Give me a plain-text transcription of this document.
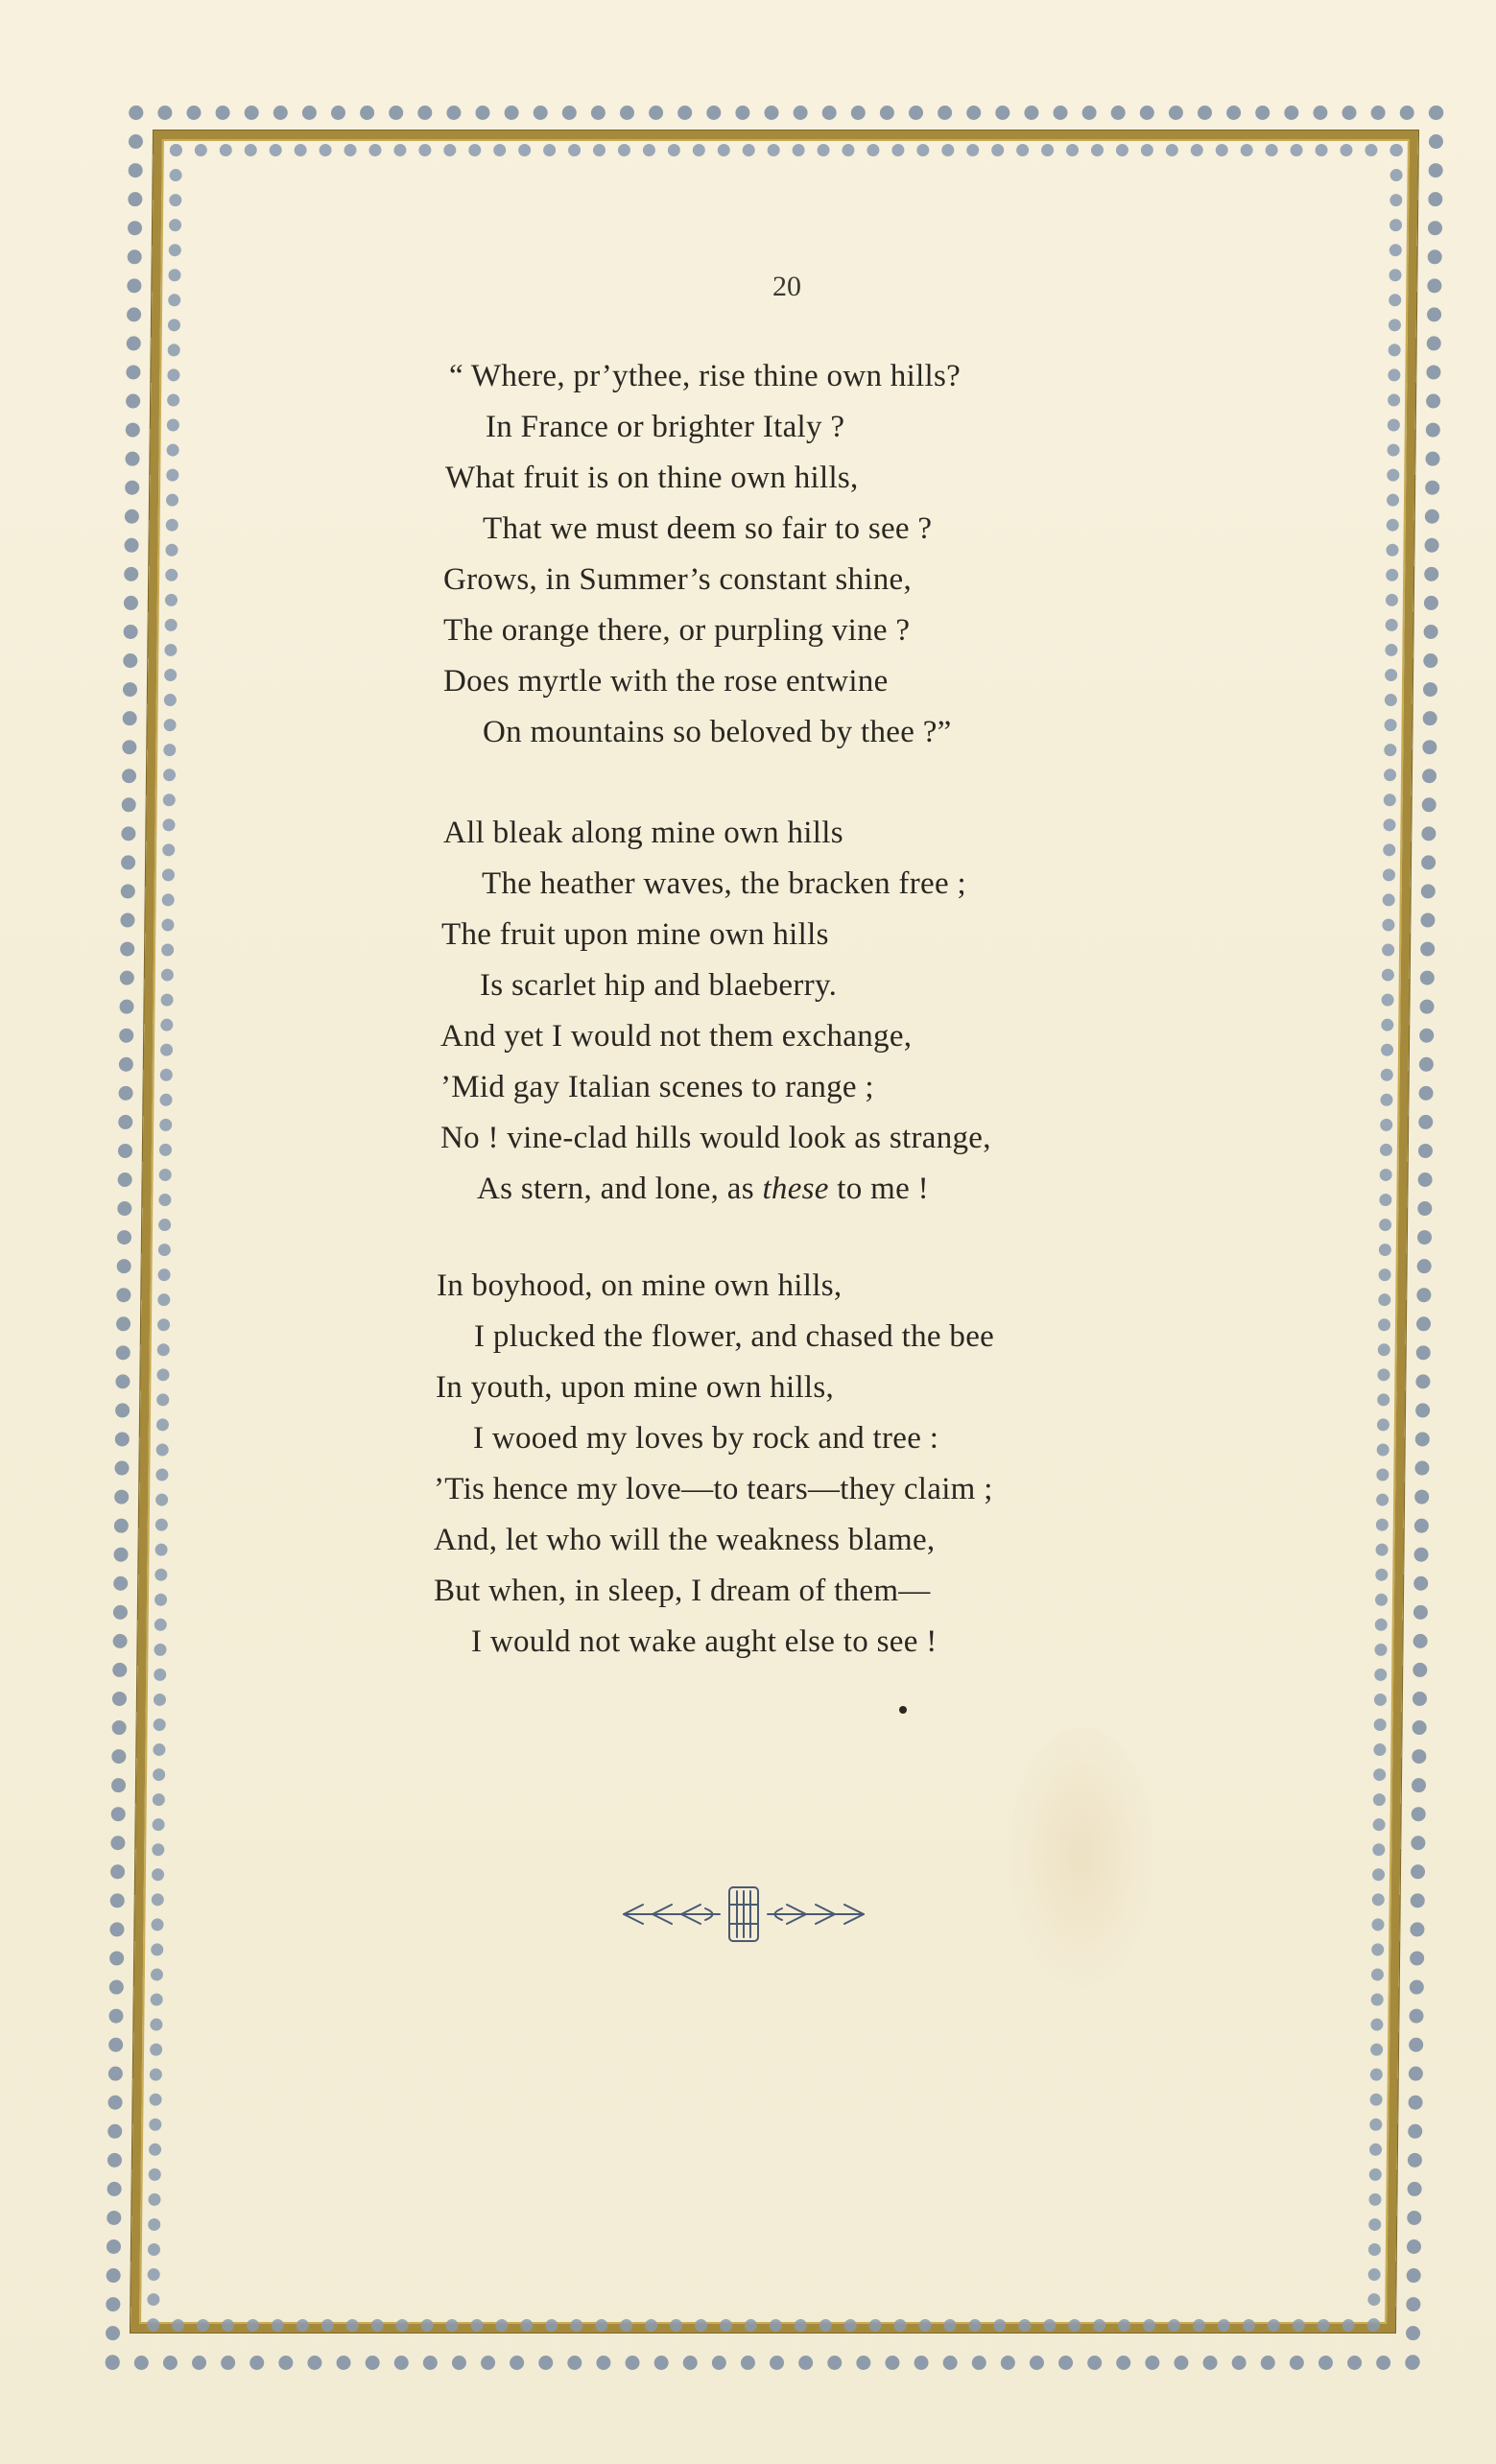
20
“ Where, pr’ythee, rise thine own hills?
In France or brighter Italy ?
What fruit is on thine own hills,
That we must deem so fair to see ?
Grows, in Summer’s constant shine,
The orange there, or purpling vine ?
Does myrtle with the rose entwine
On mountains so beloved by thee ?”
All bleak along mine own hills
The heather waves, the bracken free ;
The fruit upon mine own hills
Is scarlet hip and blaeberry.
And yet I would not them exchange,
’Mid gay Italian scenes to range ;
No ! vine-clad hills would look as strange,
As stern, and lone, as these to me !
In boyhood, on mine own hills,
I plucked the flower, and chased the bee
In youth, upon mine own hills,
I wooed my loves by rock and tree :
’Tis hence my love—to tears—they claim ;
And, let who will the weakness blame,
But when, in sleep, I dream of them—
I would not wake aught else to see !
